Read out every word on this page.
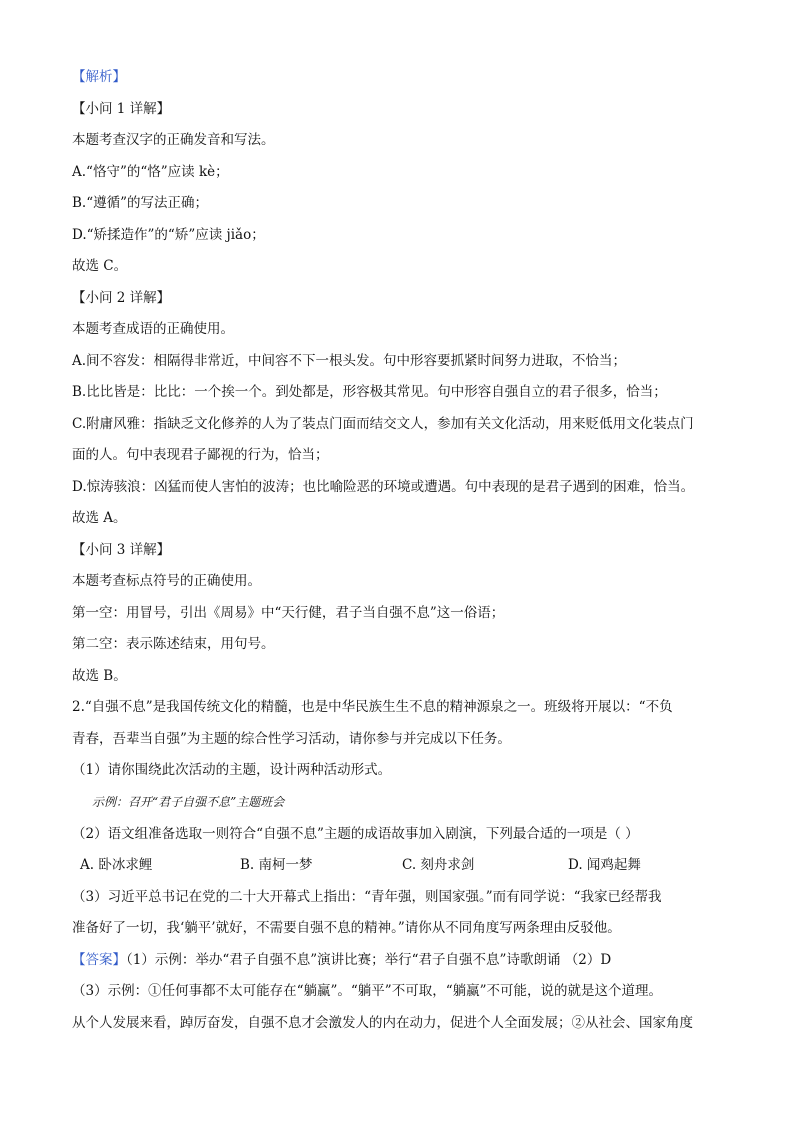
【解析】
【小问 1 详解】
本题考查汉字的正确发音和写法。
A.“恪守”的“恪”应读 kè；
B.“遵循”的写法正确；
D.“矫揉造作”的“矫”应读 jiǎo；
故选 C。
【小问 2 详解】
本题考查成语的正确使用。
A.间不容发：相隔得非常近，中间容不下一根头发。句中形容要抓紧时间努力进取，不恰当；
B.比比皆是：比比：一个挨一个。到处都是，形容极其常见。句中形容自强自立的君子很多，恰当；
C.附庸风雅：指缺乏文化修养的人为了装点门面而结交文人，参加有关文化活动，用来贬低用文化装点门
面的人。句中表现君子鄙视的行为，恰当；
D.惊涛骇浪：凶猛而使人害怕的波涛；也比喻险恶的环境或遭遇。句中表现的是君子遇到的困难，恰当。
故选 A。
【小问 3 详解】
本题考查标点符号的正确使用。
第一空：用冒号，引出《周易》中“天行健，君子当自强不息”这一俗语；
第二空：表示陈述结束，用句号。
故选 B。
2.“自强不息”是我国传统文化的精髓，也是中华民族生生不息的精神源泉之一。班级将开展以：“不负
青春，吾辈当自强”为主题的综合性学习活动，请你参与并完成以下任务。
（1）请你围绕此次活动的主题，设计两种活动形式。
示例：召开“君子自强不息”主题班会
（2）语文组准备选取一则符合“自强不息”主题的成语故事加入剧演，下列最合适的一项是（ ）
A. 卧冰求鲤	B. 南柯一梦	C. 刻舟求剑	D. 闻鸡起舞
（3）习近平总书记在党的二十大开幕式上指出：“青年强，则国家强。”而有同学说：“我家已经帮我
准备好了一切，我‘躺平’就好，不需要自强不息的精神。”请你从不同角度写两条理由反驳他。
【答案】（1）示例：举办“君子自强不息”演讲比赛；举行“君子自强不息”诗歌朗诵 （2）D
（3）示例：①任何事都不太可能存在“躺赢”。“躺平”不可取，“躺赢”不可能，说的就是这个道理。
从个人发展来看，踔厉奋发，自强不息才会激发人的内在动力，促进个人全面发展；②从社会、国家角度
